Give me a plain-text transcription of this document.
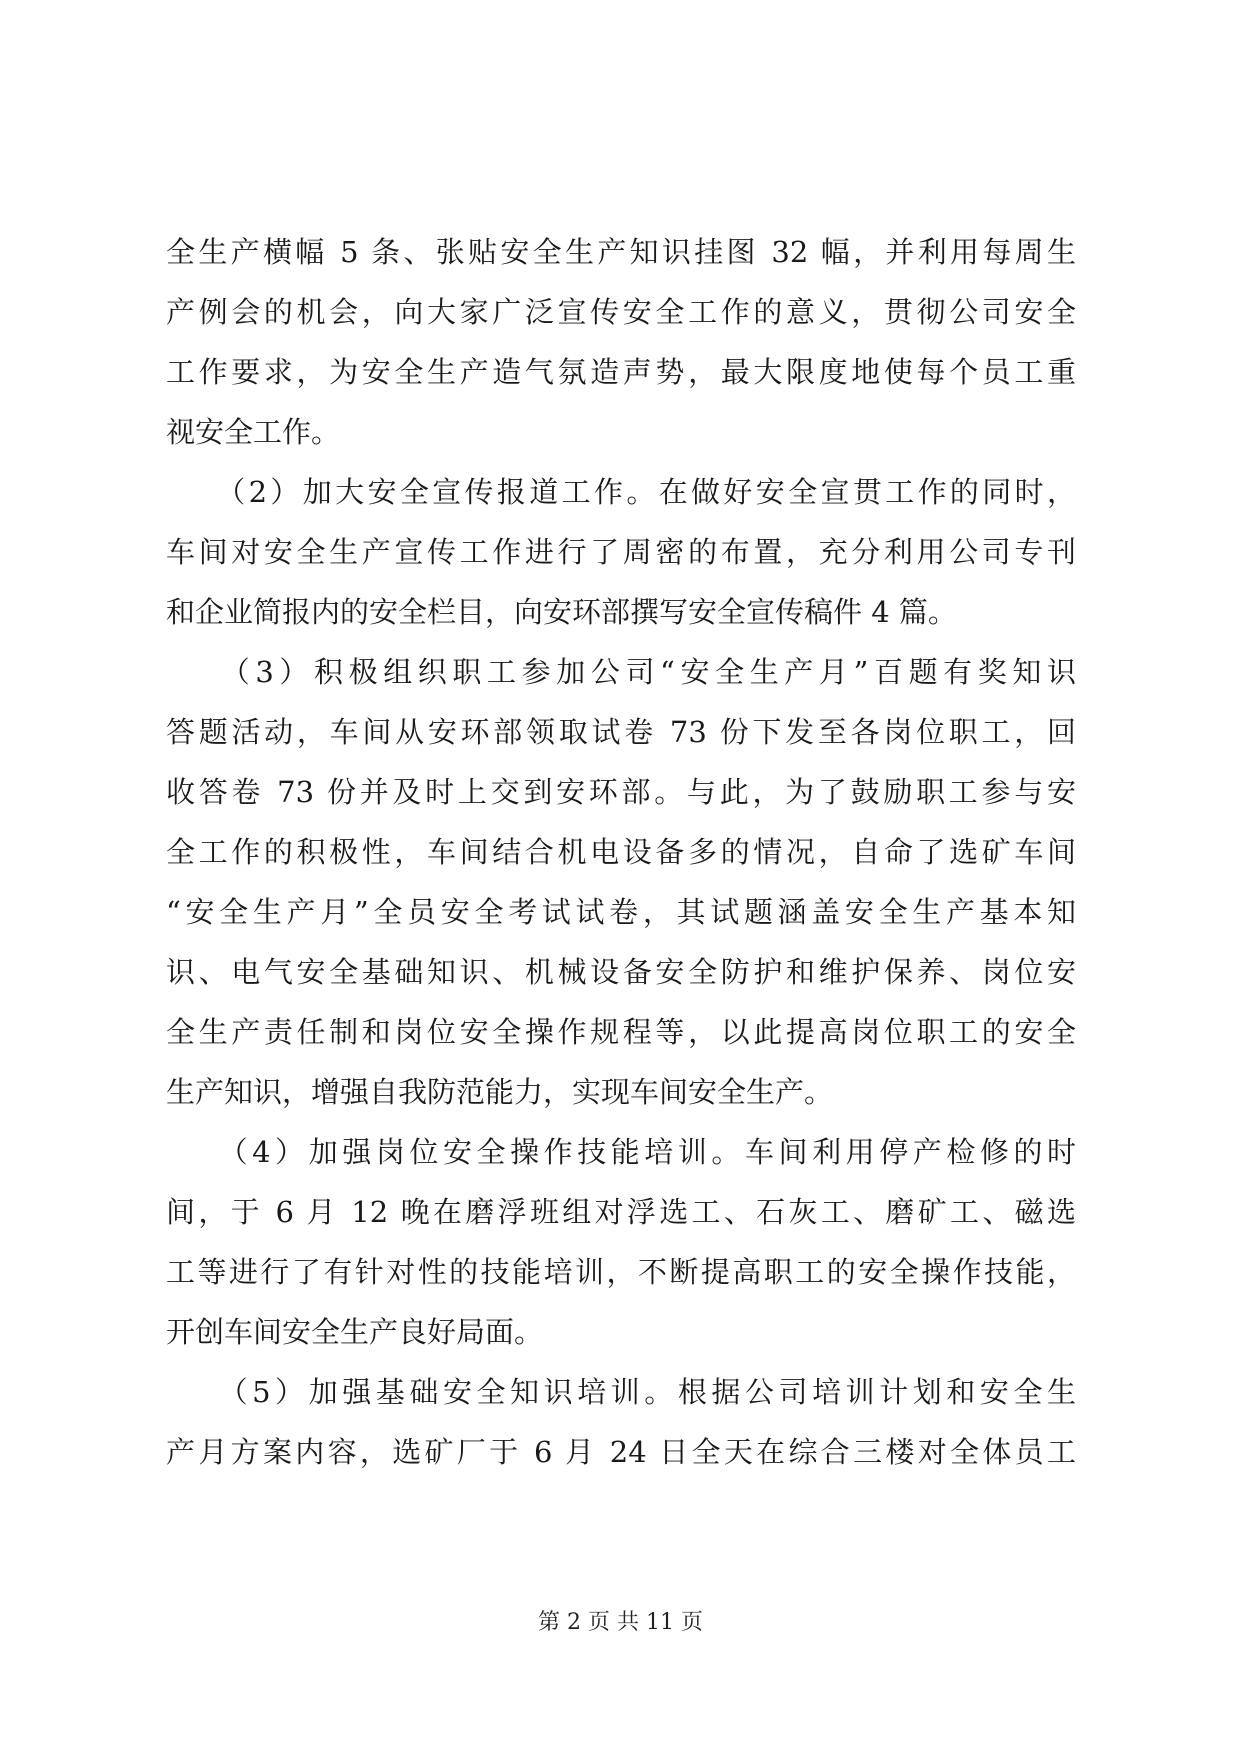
全生产横幅 5 条、张贴安全生产知识挂图 32 幅，并利用每周生
产例会的机会，向大家广泛宣传安全工作的意义，贯彻公司安全
工作要求，为安全生产造气氛造声势，最大限度地使每个员工重
视安全工作。
　　（2）加大安全宣传报道工作。在做好安全宣贯工作的同时，
车间对安全生产宣传工作进行了周密的布置，充分利用公司专刊
和企业简报内的安全栏目，向安环部撰写安全宣传稿件 4 篇。
　　（3）积极组织职工参加公司“安全生产月”百题有奖知识
答题活动，车间从安环部领取试卷 73 份下发至各岗位职工，回
收答卷 73 份并及时上交到安环部。与此，为了鼓励职工参与安
全工作的积极性，车间结合机电设备多的情况，自命了选矿车间
“安全生产月”全员安全考试试卷，其试题涵盖安全生产基本知
识、电气安全基础知识、机械设备安全防护和维护保养、岗位安
全生产责任制和岗位安全操作规程等，以此提高岗位职工的安全
生产知识，增强自我防范能力，实现车间安全生产。
　　（4）加强岗位安全操作技能培训。车间利用停产检修的时
间，于 6 月 12 晚在磨浮班组对浮选工、石灰工、磨矿工、磁选
工等进行了有针对性的技能培训，不断提高职工的安全操作技能，
开创车间安全生产良好局面。
　　（5）加强基础安全知识培训。根据公司培训计划和安全生
产月方案内容，选矿厂于 6 月 24 日全天在综合三楼对全体员工
第 2 页 共 11 页
